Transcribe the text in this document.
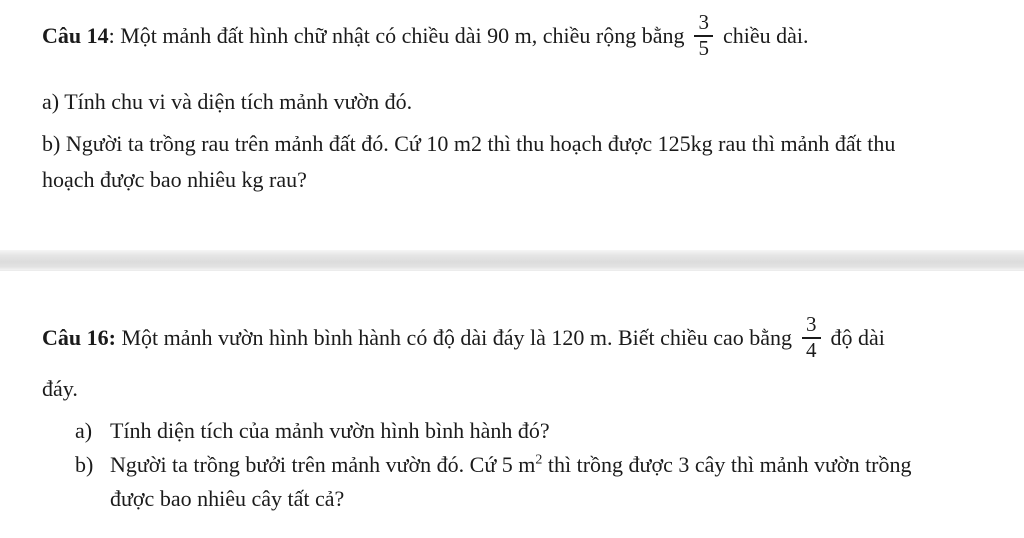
Câu 14 : Một mảnh đất hình chữ nhật có chiều dài 90 m, chiều rộng bằng $\frac{3}{5}$ chiều dài.
a) Tính chu vi và diện tích mảnh vườn đó.
b) Người ta trồng rau trên mảnh đất đó. Cứ 10 m2 thì thu hoạch được 125kg rau thì mảnh đất thu
hoạch được bao nhiêu kg rau?
Câu 16:
Một mảnh vườn hình bình hành có độ dài đáy là 120 m. Biết chiều cao bằng $\frac{3}{4}$ độ dài
đáy.
a) Tính diện tích của mảnh vườn hình bình hành đó?
b) Người ta trồng bưởi trên mảnh vườn đó. Cứ 5 $m^2$ thì trồng được 3 cây thì mảnh vườn trồng
được bao nhiêu cây tất cả?
